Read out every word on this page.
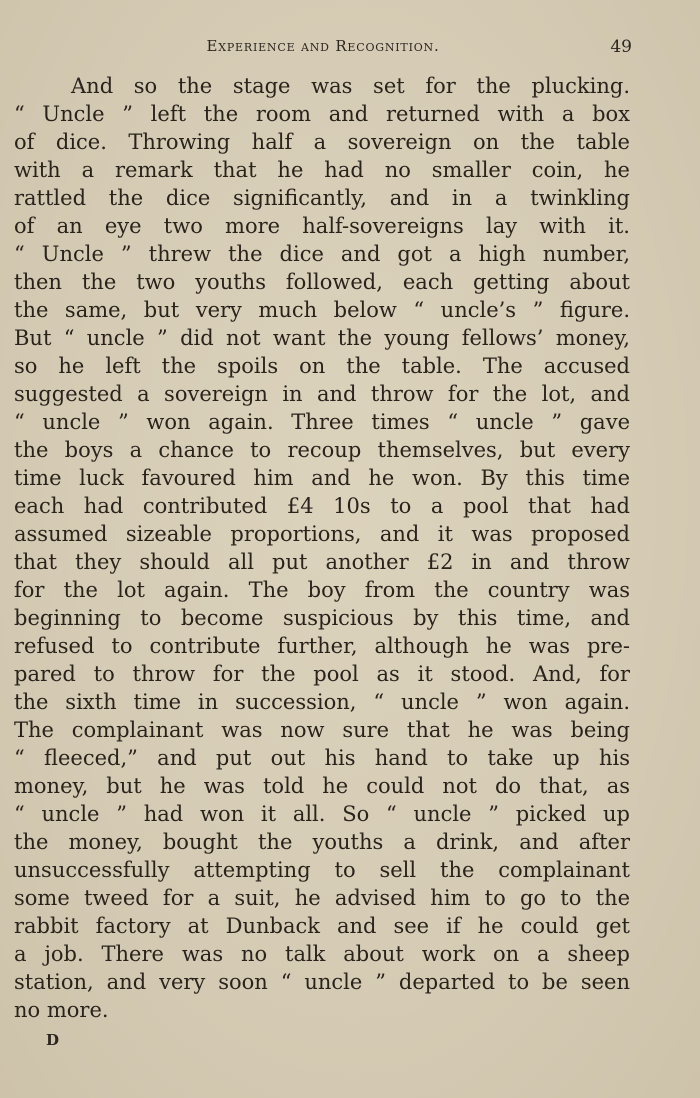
Experience and Recognition.	49
And so the stage was set for the plucking.
“ Uncle ” left the room and returned with a box
of dice. Throwing half a sovereign on the table
with a remark that he had no smaller coin, he
rattled the dice significantly, and in a twinkling
of an eye two more half-sovereigns lay with it.
“ Uncle ” threw the dice and got a high number,
then the two youths followed, each getting about
the same, but very much below “ uncle’s ” figure.
But “ uncle ” did not want the young fellows’ money,
so he left the spoils on the table. The accused
suggested a sovereign in and throw for the lot, and
“ uncle ” won again. Three times “ uncle ” gave
the boys a chance to recoup themselves, but every
time luck favoured him and he won. By this time
each had contributed £4 10s to a pool that had
assumed sizeable proportions, and it was proposed
that they should all put another £2 in and throw
for the lot again. The boy from the country was
beginning to become suspicious by this time, and
refused to contribute further, although he was pre-
pared to throw for the pool as it stood. And, for
the sixth time in succession, “ uncle ” won again.
The complainant was now sure that he was being
“ fleeced,” and put out his hand to take up his
money, but he was told he could not do that, as
“ uncle ” had won it all. So “ uncle ” picked up
the money, bought the youths a drink, and after
unsuccessfully attempting to sell the complainant
some tweed for a suit, he advised him to go to the
rabbit factory at Dunback and see if he could get
a job. There was no talk about work on a sheep
station, and very soon “ uncle ” departed to be seen
no more.
D
